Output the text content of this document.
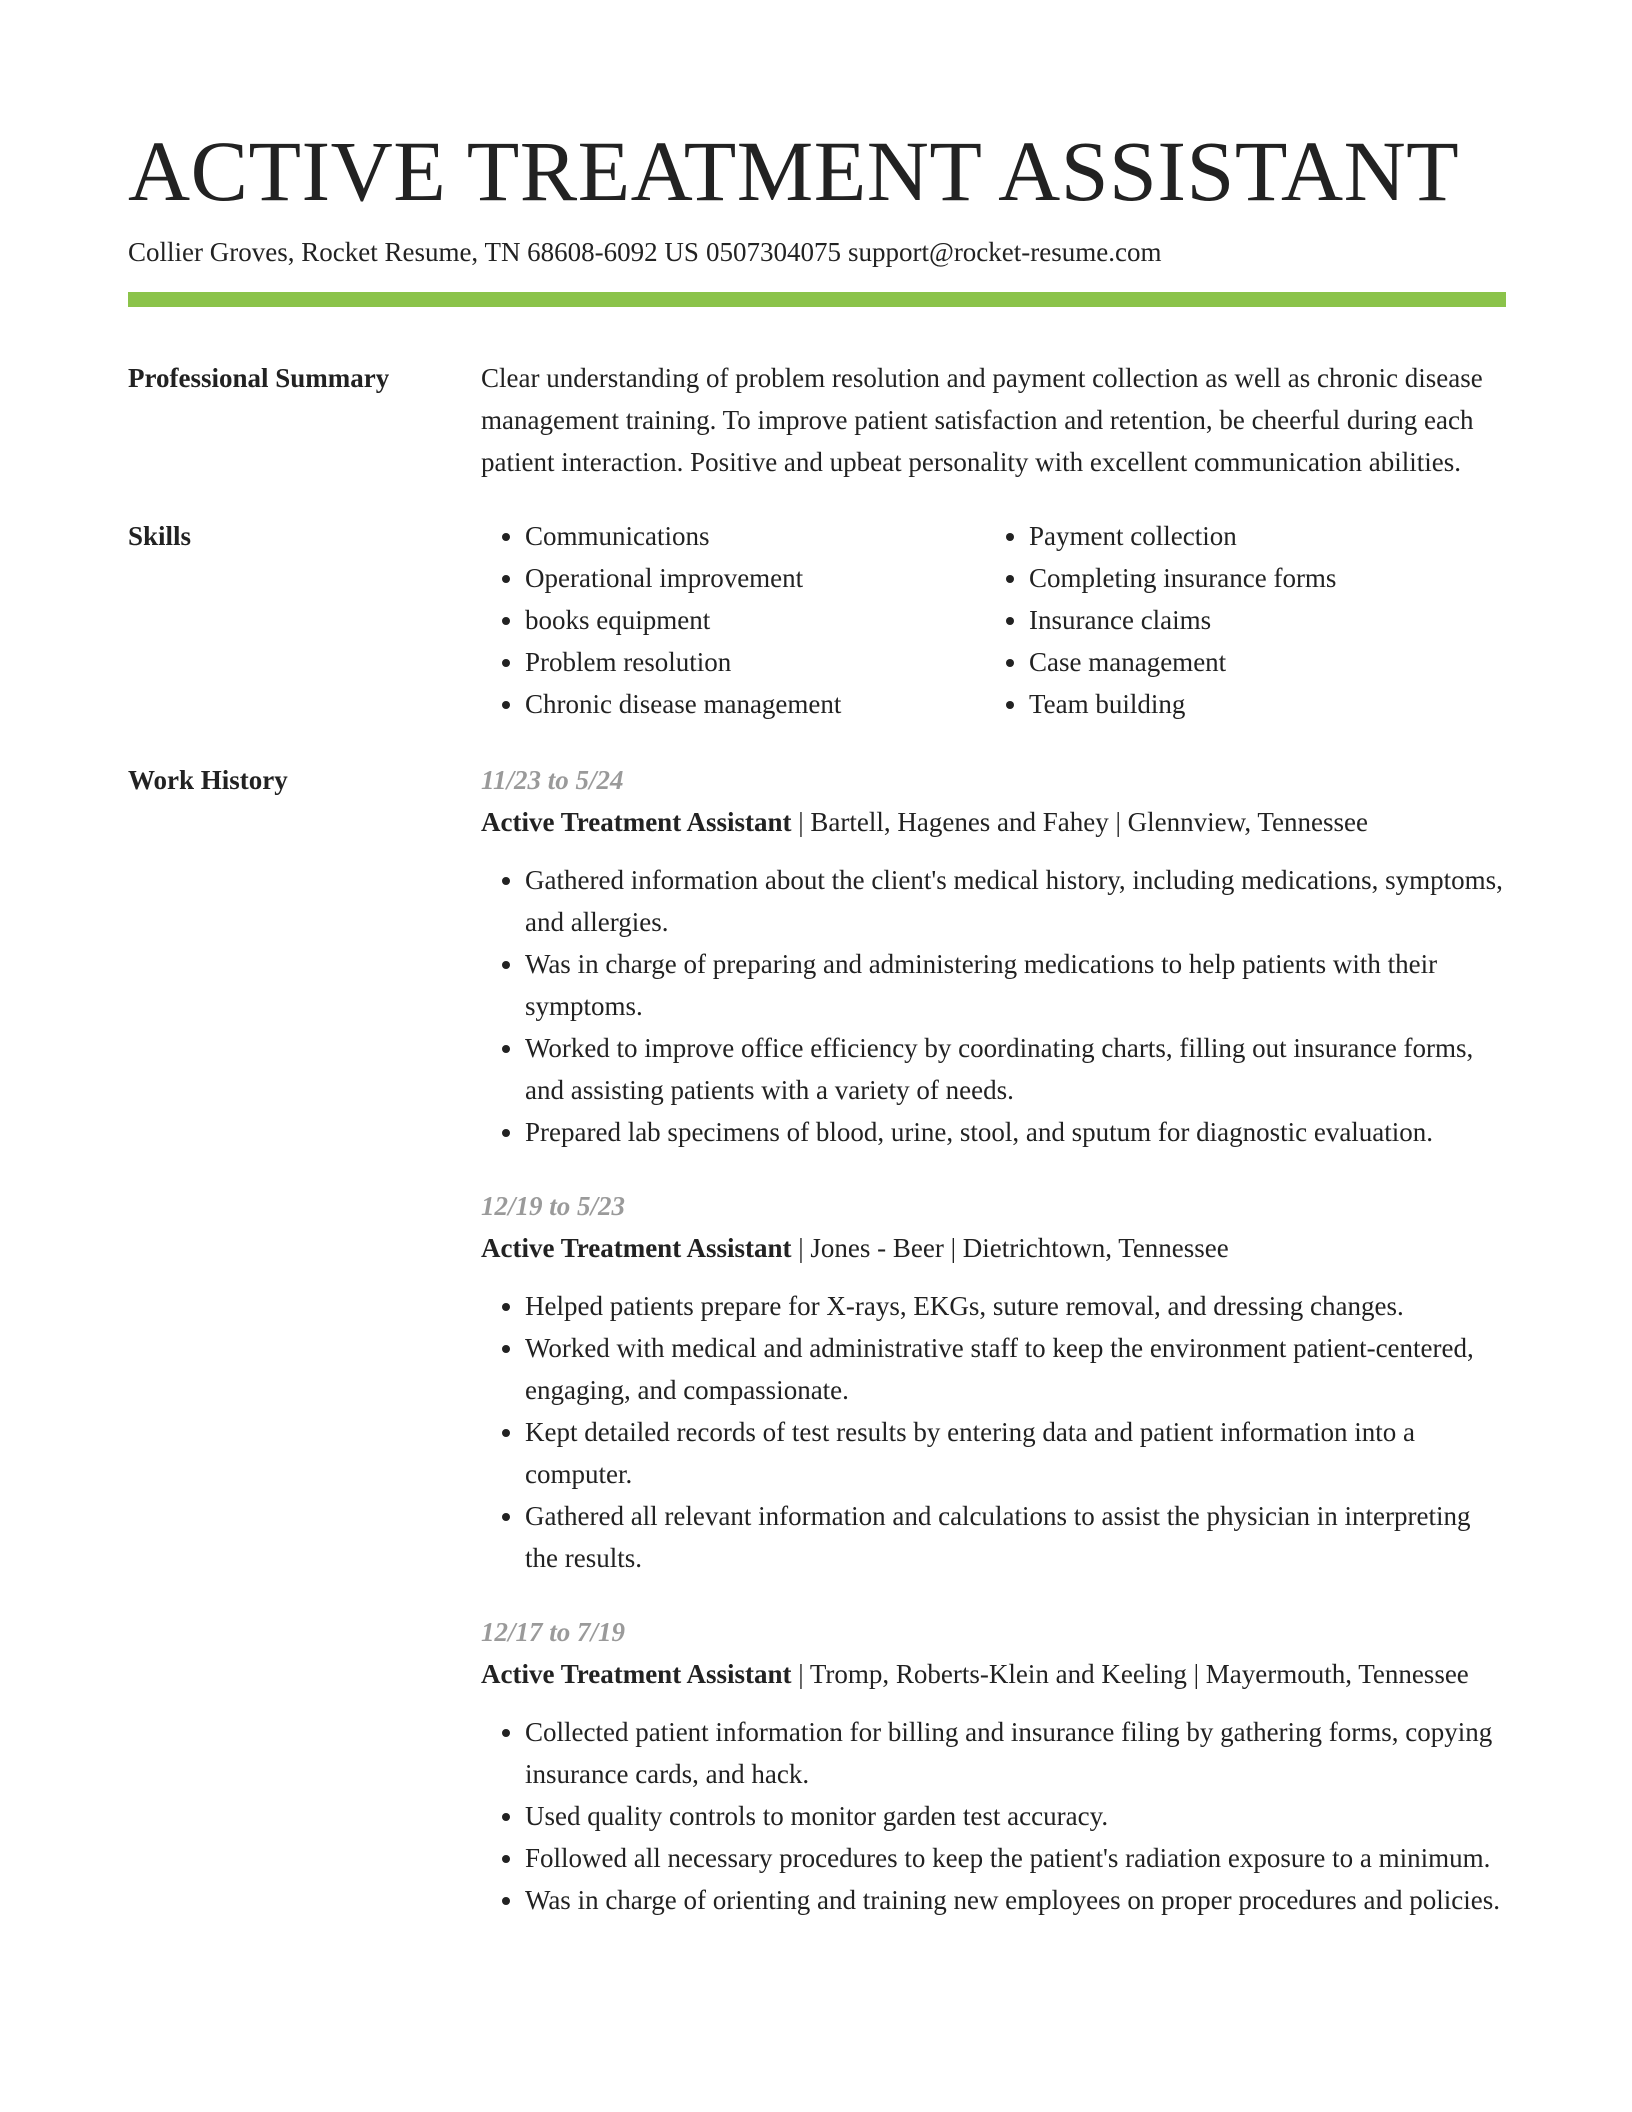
ACTIVE TREATMENT ASSISTANT
Collier Groves, Rocket Resume, TN 68608-6092 US 0507304075 support@rocket-resume.com
Professional Summary	Clear understanding of problem resolution and payment collection as well as chronic disease management training. To improve patient satisfaction and retention, be cheerful during each patient interaction. Positive and upbeat personality with excellent communication abilities.
Skills
•	Communications
• Operational improvement
• books equipment
• Problem resolution
• Chronic disease management
• Payment collection
• Completing insurance forms
• Insurance claims
• Case management
• Team building
Work History	11/23 to 5/24
Active Treatment Assistant | Bartell, Hagenes and Fahey | Glennview, Tennessee
• Gathered information about the client's medical history, including medications, symptoms, and allergies.
• Was in charge of preparing and administering medications to help patients with their symptoms.
• Worked to improve office efficiency by coordinating charts, filling out insurance forms, and assisting patients with a variety of needs.
• Prepared lab specimens of blood, urine, stool, and sputum for diagnostic evaluation.
12/19 to 5/23
Active Treatment Assistant | Jones - Beer | Dietrichtown, Tennessee
• Helped patients prepare for X-rays, EKGs, suture removal, and dressing changes.
• Worked with medical and administrative staff to keep the environment patient-centered, engaging, and compassionate.
• Kept detailed records of test results by entering data and patient information into a computer.
• Gathered all relevant information and calculations to assist the physician in interpreting the results.
12/17 to 7/19
Active Treatment Assistant | Tromp, Roberts-Klein and Keeling | Mayermouth, Tennessee
• Collected patient information for billing and insurance filing by gathering forms, copying insurance cards, and hack.
• Used quality controls to monitor garden test accuracy.
• Followed all necessary procedures to keep the patient's radiation exposure to a minimum.
• Was in charge of orienting and training new employees on proper procedures and policies.
